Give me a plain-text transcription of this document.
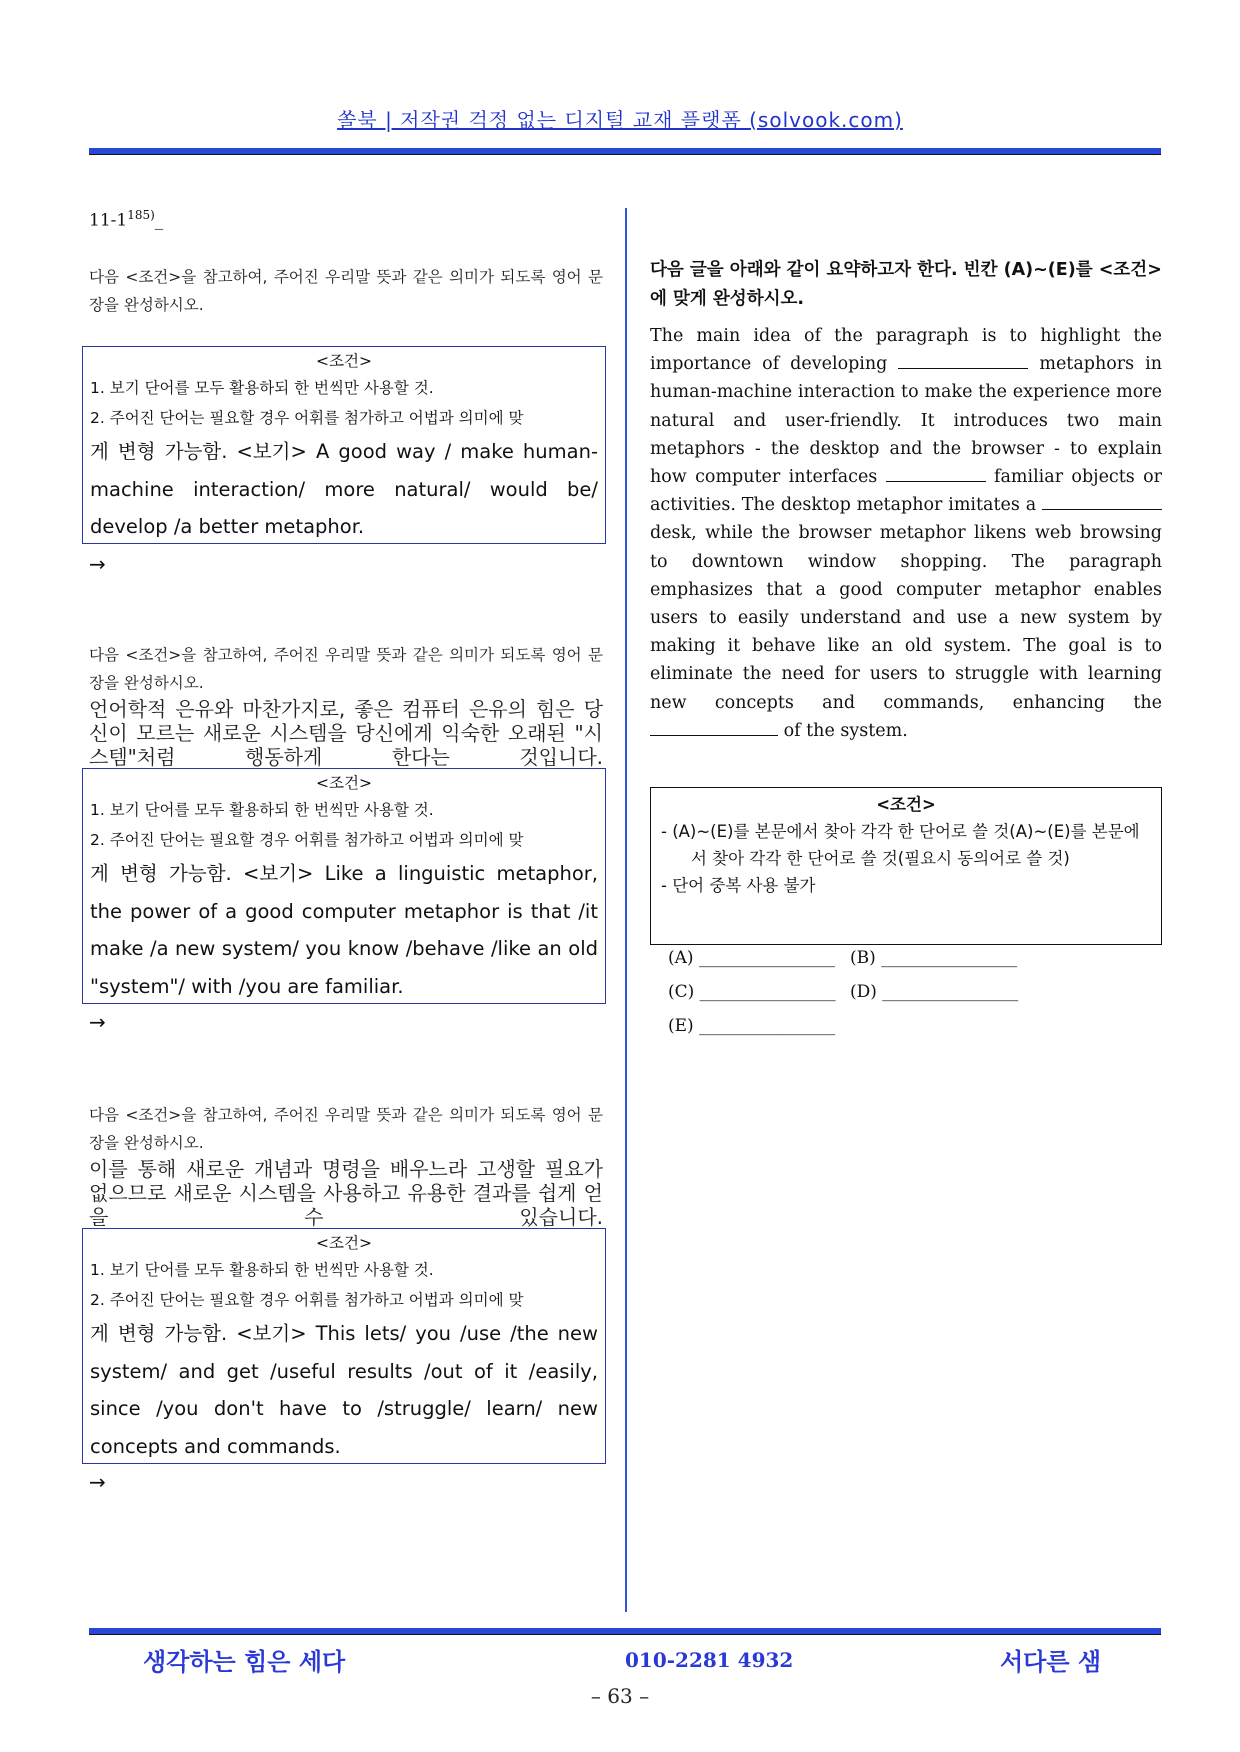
쏠북 | 저작권 걱정 없는 디지털 교재 플랫폼 (solvook.com)
11-1$^{185)}$_
다음 <조건>을 참고하여, 주어진 우리말 뜻과 같은 의미가 되도록 영어 문장을 완성하시오.
<조건>
1. 보기 단어를 모두 활용하되 한 번씩만 사용할 것.
2. 주어진 단어는 필요할 경우 어휘를 첨가하고 어법과 의미에 맞
게 변형 가능함. <보기> A good way / make human-machine interaction/ more natural/ would be/ develop /a better metaphor.
→
다음 <조건>을 참고하여, 주어진 우리말 뜻과 같은 의미가 되도록 영어 문장을 완성하시오.
언어학적 은유와 마찬가지로, 좋은 컴퓨터 은유의 힘은 당신이 모르는 새로운 시스템을 당신에게 익숙한 오래된 "시스템"처럼 행동하게 한다는 것입니다.
<조건>
1. 보기 단어를 모두 활용하되 한 번씩만 사용할 것.
2. 주어진 단어는 필요할 경우 어휘를 첨가하고 어법과 의미에 맞
게 변형 가능함. <보기> Like a linguistic metaphor, the power of a good computer metaphor is that /it make /a new system/ you know /behave /like an old "system"/ with /you are familiar.
→
다음 <조건>을 참고하여, 주어진 우리말 뜻과 같은 의미가 되도록 영어 문장을 완성하시오.
이를 통해 새로운 개념과 명령을 배우느라 고생할 필요가 없으므로 새로운 시스템을 사용하고 유용한 결과를 쉽게 얻을 수 있습니다.
<조건>
1. 보기 단어를 모두 활용하되 한 번씩만 사용할 것.
2. 주어진 단어는 필요할 경우 어휘를 첨가하고 어법과 의미에 맞
게 변형 가능함. <보기> This lets/ you /use /the new system/ and get /useful results /out of it /easily, since /you don't have to /struggle/ learn/ new concepts and commands.
→
다음 글을 아래와 같이 요약하고자 한다. 빈칸 (A)~(E)를 <조건>에 맞게 완성하시오.
The main idea of the paragraph is to highlight the importance of developing	metaphors in human-machine interaction to make the experience more natural and user-friendly. It introduces two main metaphors - the desktop and the browser - to explain how computer interfaces	familiar objects or activities. The desktop metaphor imitates a  desk, while the browser metaphor likens web browsing to downtown window shopping. The paragraph emphasizes that a good computer metaphor enables users to easily understand and use a new system by making it behave like an old system. The goal is to eliminate the need for users to struggle with learning new concepts and commands, enhancing the  of the system.
<조건>
- (A)~(E)를 본문에서 찾아 각각 한 단어로 쓸 것(A)~(E)를 본문에서 찾아 각각 한 단어로 쓸 것(필요시 동의어로 쓸 것)
- 단어 중복 사용 불가
(A) ________________ (B) ________________
(C) ________________ (D) ________________
(E) ________________
생각하는 힘은 세다	010-2281 4932	서다른 샘
– 63 –
